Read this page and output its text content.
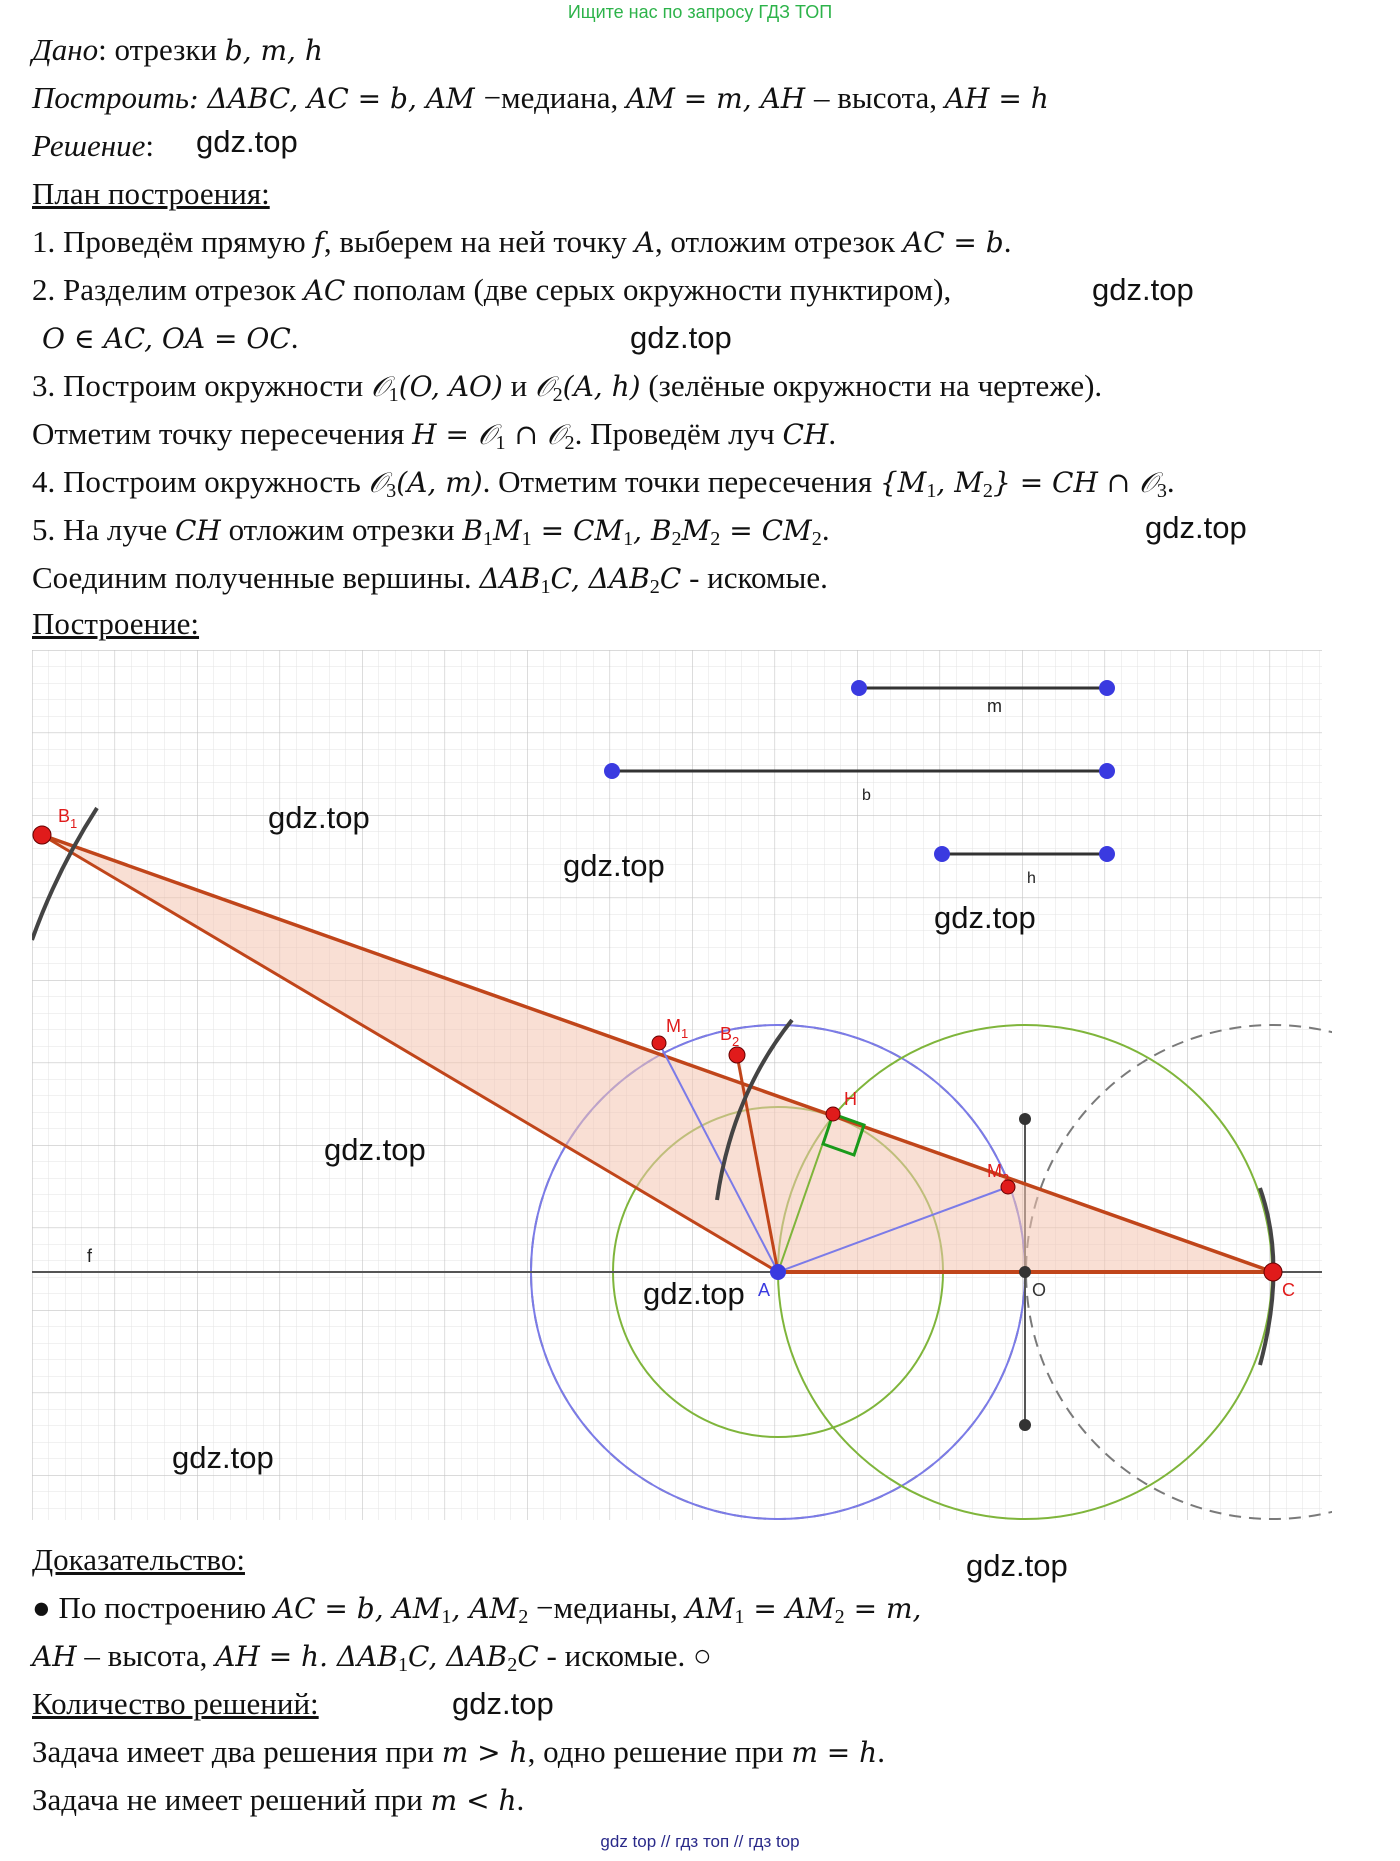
Ищите нас по запросу ГДЗ ТОП
Дано: отрезки b, m, h
Построить: ΔABC, AC = b, AM −медиана, AM = m, AH – высота, AH = h
Решение:
План построения:
1. Проведём прямую f, выберем на ней точку A, отложим отрезок AC = b.
2. Разделим отрезок AC пополам (две серых окружности пунктиром),
O ∈ AC, OA = OC.
3. Построим окружности 𝒪$_1$(O, AO) и 𝒪$_2$(A, h) (зелёные окружности на чертеже).
Отметим точку пересечения H = 𝒪$_1$ ∩ 𝒪$_2$. Проведём луч CH.
4. Построим окружность 𝒪$_3$(A, m). Отметим точки пересечения {$M_1$, $M_2$} = CH ∩ 𝒪$_3$.
5. На луче CH отложим отрезки $B_1M_1 = CM_1$, $B_2M_2 = CM_2$.
Соединим полученные вершины. $\Delta AB_1C$, $\Delta AB_2C$ - искомые.
Построение:
m
b
h
$B_1$
$M_1$ $B_2$
H
$M_2$
A	O	C
f
gdz.top
gdz.top
gdz.top
gdz.top
gdz.top
gdz.top
gdz.top
gdz.top
gdz.top
gdz.top
gdz.top
gdz.top
Доказательство:
● По построению AC = b, $AM_1$, $AM_2$ −медианы, $AM_1 = AM_2 = m$,
AH – высота, AH = h. $\Delta AB_1C$, $\Delta AB_2C$ - искомые. ○
Количество решений:
Задача имеет два решения при m > h, одно решение при m = h.
Задача не имеет решений при m < h.
gdz top // гдз топ // гдз top
